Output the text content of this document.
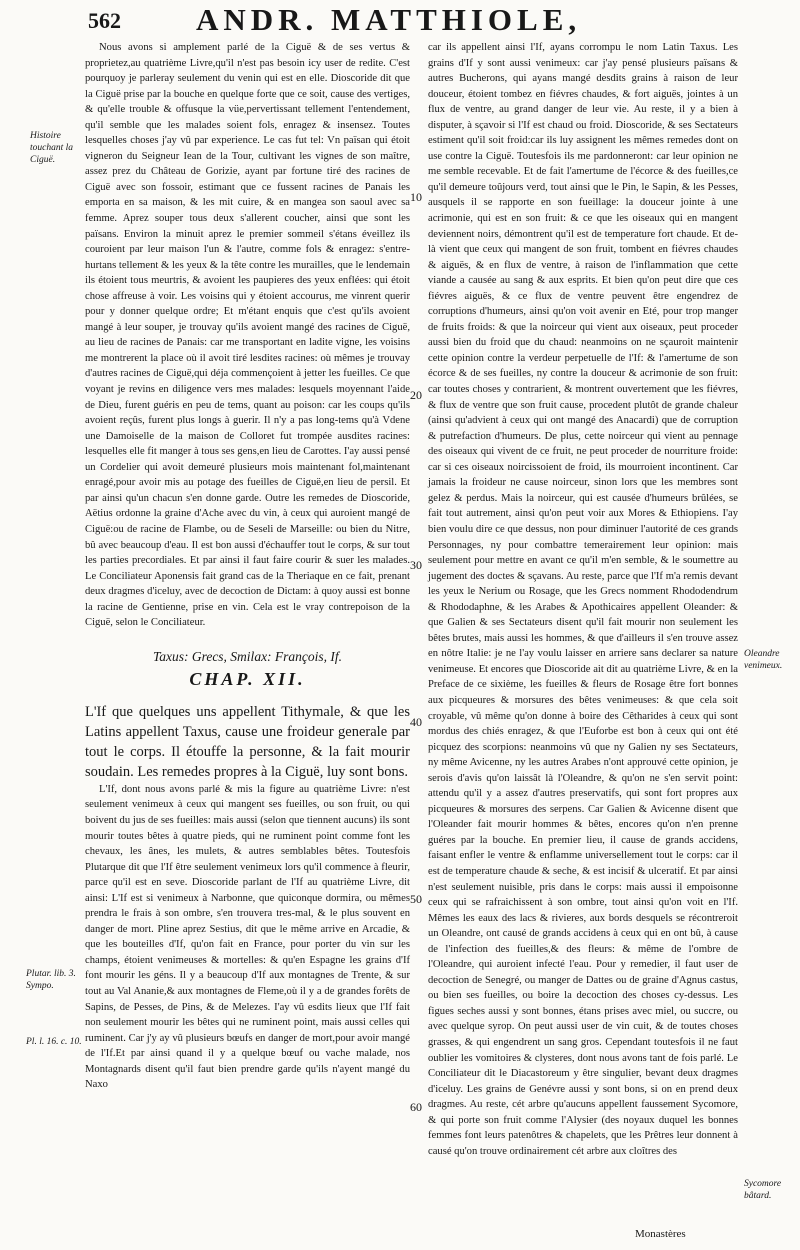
562 ANDR. MATTHIOLE,
Histoire touchant la Ciguë.
Plutar. lib. 3. Sympo.
Pl. l. 16. c. 10.

Nous avons si amplement parlé de la Ciguë & de ses vertus & proprietez,au quatrième Livre,qu'il n'est pas besoin icy user de redite. C'est pourquoy je parleray seulement du venin qui est en elle. Dioscoride dit que la Ciguë prise par la bouche en quelque forte que ce soit, cause des vertiges, & qu'elle trouble & offusque la vüe,pervertissant tellement l'entendement, qu'il semble que les malades soient fols, enragez & insensez. Toutes lesquelles choses j'ay vû par experience. Le cas fut tel: Vn païsan qui étoit vigneron du Seigneur Iean de la Tour, cultivant les vignes de son maître, assez prez du Château de Gorizie, ayant par fortune tiré des racines de Ciguë avec son fossoir, estimant que ce fussent racines de Panais les emporta en sa maison, & les mit cuire, & en mangea son saoul avec sa femme. Aprez souper tous deux s'allerent coucher, ainsi que sont les païsans. Environ la minuit aprez le premier sommeil s'étans éveillez ils couroient par leur maison l'un & l'autre, comme fols & enragez: s'entre-hurtans tellement & les yeux & la tête contre les murailles, que le lendemain ils étoient tous meurtris, & avoient les paupieres des yeux enflées: qui étoit chose affreuse à voir. Les voisins qui y étoient accourus, me vinrent querir pour y donner quelque ordre; Et m'étant enquis que c'est qu'ils avoient mangé à leur souper, je trouvay qu'ils avoient mangé des racines de Ciguë, au lieu de racines de Panais: car me transportant en ladite vigne, les voisins me montrerent la place où il avoit tiré lesdites racines: où mêmes je trouvay d'autres racines de Ciguë,qui déja commençoient à jetter les fueilles. Ce que voyant je revins en diligence vers mes malades: lesquels moyennant l'aide de Dieu, furent guéris en peu de tems, quant au poison: car les coups qu'ils avoient reçûs, furent plus longs à guerir. Il n'y a pas long-tems qu'à Vdene une Damoiselle de la maison de Colloret fut trompée ausdites racines: lesquelles elle fit manger à tous ses gens,en lieu de Carottes. I'ay aussi pensé un Cordelier qui avoit demeuré plusieurs mois maintenant fol,maintenant enragé,pour avoir mis au potage des fueilles de Ciguë,en lieu de persil. Et par ainsi qu'un chacun s'en donne garde. Outre les remedes de Dioscoride, Aëtius ordonne la graine d'Ache avec du vin, à ceux qui auroient mangé de Ciguë:ou de racine de Flambe, ou de Seseli de Marseille: ou bien du Nitre, bû avec beaucoup d'eau. Il est bon aussi d'échauffer tout le corps, & sur tout les parties precordiales. Et par ainsi il faut faire courir & suer les malades. Le Conciliateur Aponensis fait grand cas de la Theriaque en ce fait, prenant deux dragmes d'iceluy, avec de decoction de Dictam: à quoy aussi est bonne la racine de Gentienne, prise en vin. Cela est le vray contrepoison de la Ciguë, selon le Conciliateur.

Taxus: Grecs, Smilax: François, If.
CHAP. XII.

L'If que quelques uns appellent Tithymale, & que les Latins appellent Taxus, cause une froideur generale par tout le corps. Il étouffe la personne, & la fait mourir soudain. Les remedes propres à la Ciguë, luy sont bons.

L'If, dont nous avons parlé & mis la figure au quatrième Livre: n'est seulement venimeux à ceux qui mangent ses fueilles, ou son fruit, ou qui boivent du jus de ses fueilles: mais aussi (selon que tiennent aucuns) ils sont mourir toutes bêtes à quatre pieds, qui ne ruminent point comme font les chevaux, les ânes, les mulets, & autres semblables bêtes. Toutesfois Plutarque dit que l'If être seulement venimeux lors qu'il commence à fleurir, parce qu'il est en seve. Dioscoride parlant de l'If au quatrième Livre, dit ainsi: L'If est si venimeux à Narbonne, que quiconque dormira, ou mêmes prendra le frais à son ombre, s'en trouvera tres-mal, & le plus souvent en danger de mort. Pline aprez Sestius, dit que le même arrive en Arcadie, & que les bouteilles d'If, qu'on fait en France, pour porter du vin sur les champs, étoient venimeuses & mortelles: & qu'en Espagne les grains d'If font mourir les géns. Il y a beaucoup d'If aux montagnes de Trente, & sur tout au Val Ananie,& aux montagnes de Fleme,où il y a de grandes forêts de Sapins, de Pesses, de Pins, & de Melezes. I'ay vû esdits lieux que l'If fait non seulement mourir les bêtes qui ne ruminent point, mais aussi celles qui ruminent. Car j'y ay vû plusieurs bœufs en danger de mort,pour avoir mangé de l'If.Et par ainsi quand il y a quelque bœuf ou vache malade, nos Montagnards disent qu'il faut bien prendre garde qu'ils n'ayent mangé du Naxo

10
20
30
40
50
60

car ils appellent ainsi l'If, ayans corrompu le nom Latin Taxus. Les grains d'If y sont aussi venimeux: car j'ay pensé plusieurs païsans & autres Bucherons, qui ayans mangé desdits grains à raison de leur douceur, étoient tombez en fiévres chaudes, & fort aiguës, jointes à un flux de ventre, au grand danger de leur vie. Au reste, il y a bien à disputer, à sçavoir si l'If est chaud ou froid. Dioscoride, & ses Sectateurs estiment qu'il soit froid:car ils luy assignent les mêmes remedes dont on use contre la Ciguë. Toutesfois ils me pardonneront: car leur opinion ne me semble recevable. Et de fait l'amertume de l'écorce & des fueilles,ce qu'il demeure toûjours verd, tout ainsi que le Pin, le Sapin, & les Pesses, ausquels il se rapporte en son fueillage: la douceur jointe à une acrimonie, qui est en son fruit: & ce que les oiseaux qui en mangent deviennent noirs, démontrent qu'il est de temperature fort chaude. Et de-là vient que ceux qui mangent de son fruit, tombent en fiévres chaudes & aiguës, & en flux de ventre, à raison de l'inflammation que cette viande a causée au sang & aux esprits. Et bien qu'on peut dire que ces fiévres aiguës, & ce flux de ventre peuvent être engendrez de corruptions d'humeurs, ainsi qu'on voit avenir en Eté, pour trop manger de fruits froids: & que la noirceur qui vient aux oiseaux, peut proceder aussi bien du froid que du chaud: neanmoins on ne sçauroit maintenir cette opinion contre la verdeur perpetuelle de l'If: & l'amertume de son écorce & de ses fueilles, ny contre la douceur & acrimonie de son fruit: car toutes choses y contrarient, & montrent ouvertement que les fiévres, & flux de ventre que son fruit cause, procedent plutôt de grande chaleur (ainsi qu'advient à ceux qui ont mangé des Anacardi) que de corruption & putrefaction d'humeurs. De plus, cette noirceur qui vient au pennage des oiseaux qui vivent de ce fruit, ne peut proceder de nourriture froide: car si ces oiseaux noircissoient de froid, ils mourroient incontinent. Car jamais la froideur ne cause noirceur, sinon lors que les membres sont gelez & perdus. Mais la noirceur, qui est causée d'humeurs brûlées, se fait tout autrement, ainsi qu'on peut voir aux Mores & Ethiopiens. I'ay bien voulu dire ce que dessus, non pour diminuer l'autorité de ces grands Personnages, ny pour combattre temerairement leur opinion: mais seulement pour mettre en avant ce qu'il m'en semble, & le soumettre au jugement des doctes & sçavans. Au reste, parce que l'If m'a remis devant les yeux le Nerium ou Rosage, que les Grecs nomment Rhododendrum & Rhododaphne, & les Arabes & Apothicaires appellent Oleander: & que Galien & ses Sectateurs disent qu'il fait mourir non seulement les bêtes brutes, mais aussi les hommes, & que d'ailleurs il s'en trouve assez en nôtre Italie: je ne l'ay voulu laisser en arriere sans declarer sa nature venimeuse. Et encores que Dioscoride ait dit au quatrième Livre, & en la Preface de ce sixième, les fueilles & fleurs de Rosage être fort bonnes aux picqueures & morsures des bêtes venimeuses: & que cela soit croyable, vû même qu'on donne à boire des Cêtharides à ceux qui sont mordus des chiés enragez, & que l'Euforbe est bon à ceux qui ont été picquez des scorpions: neanmoins vû que ny Galien ny ses Sectateurs, ny même Avicenne, ny les autres Arabes n'ont approuvé cette opinion, je serois d'avis qu'on laissât là l'Oleandre, & qu'on ne s'en servit point: attendu qu'il y a assez d'autres preservatifs, qui sont fort propres aux picqueures & morsures des serpens. Car Galien & Avicenne disent que l'Oleander fait mourir hommes & bêtes, encores qu'on n'en prenne guéres par la bouche. En premier lieu, il cause de grands accidens, faisant enfler le ventre & enflamme universellement tout le corps: car il est de temperature chaude & seche, & est incisif & ulceratif. Et par ainsi n'est seulement nuisible, pris dans le corps: mais aussi il empoisonne ceux qui se rafraichissent à son ombre, tout ainsi qu'on voit en l'If. Mêmes les eaux des lacs & rivieres, aux bords desquels se récontreroit un Oleandre, ont causé de grands accidens à ceux qui en ont bû, à cause de l'infection des fueilles,& des fleurs: & même de l'ombre de l'Oleandre, qui auroient infecté l'eau. Pour y remedier, il faut user de decoction de Senegré, ou manger de Dattes ou de graine d'Agnus castus, ou bien ses fueilles, ou boire la decoction des choses cy-dessus. Les figues seches aussi y sont bonnes, étans prises avec miel, ou succre, ou avec quelque syrop. On peut aussi user de vin cuit, & de toutes choses grasses, & qui engendrent un sang gros. Cependant toutesfois il ne faut oublier les vomitoires & clysteres, dont nous avons tant de fois parlé. Le Conciliateur dit le Diacastoreum y être singulier, bevant deux dragmes d'iceluy. Les grains de Genévre aussi y sont bons, si on en prend deux dragmes. Au reste, cét arbre qu'aucuns appellent faussement Sycomore, & qui porte son fruit comme l'Alysier (des noyaux duquel les bonnes femmes font leurs patenôtres & chapelets, que les Prêtres leur donnent à causé qu'on trouve ordinairement cét arbre aux cloîtres des

Oleandre venimeux.
Sycomore bâtard.
Monastères
